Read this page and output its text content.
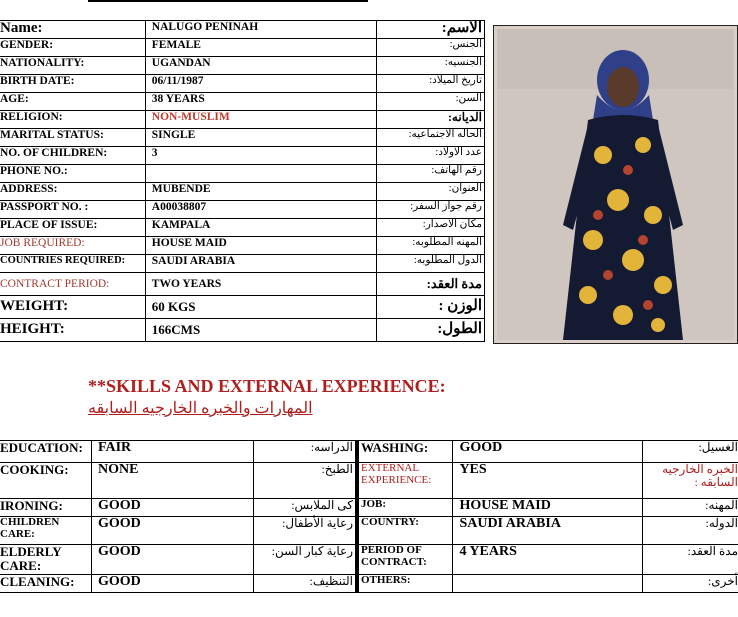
Name:	NALUGO PENINAH	الاسم:
GENDER:	FEMALE	الجنس:
NATIONALITY:	UGANDAN	الجنسيه:
BIRTH DATE:	06/11/1987	تاريخ الميلاد:
AGE:	38 YEARS	السن:
RELIGION:	NON-MUSLIM	الديانه:
MARITAL STATUS:	SINGLE	الحاله الاجتماعيه:
NO. OF CHILDREN:	3	عدد الاولاد:
PHONE NO.:		رقم الهاتف:
ADDRESS:	MUBENDE	العنوان:
PASSPORT NO. :	A00038807	رقم جواز السفر:
PLACE OF ISSUE:	KAMPALA	مكان الاصدار:
JOB REQUIRED:	HOUSE MAID	المهنه المطلوبه:
COUNTRIES REQUIRED:	SAUDI ARABIA	الدول المطلوبه:
CONTRACT PERIOD:	TWO YEARS	مدة العقد:
WEIGHT:	60 KGS	الوزن :
HEIGHT:	166CMS	الطول:
**SKILLS AND EXTERNAL EXPERIENCE:
المهارات والخبره الخارجيه السابقه
EDUCATION:	FAIR	الدراسه:	WASHING:	GOOD	الغسيل:
COOKING:	NONE	الطبخ:	EXTERNAL EXPERIENCE:	YES	الخبره الخارجيه السابقه :
IRONING:	GOOD	كى الملابس:	JOB:	HOUSE MAID	المهنه:
CHILDREN CARE:	GOOD	رعاية الأطفال:	COUNTRY:	SAUDI ARABIA	الدوله:
ELDERLY CARE:	GOOD	رعاية كبار السن:	PERIOD OF CONTRACT:	4 YEARS	مدة العقد:
CLEANING:	GOOD	التنظيف:	OTHERS:		أخرى:
